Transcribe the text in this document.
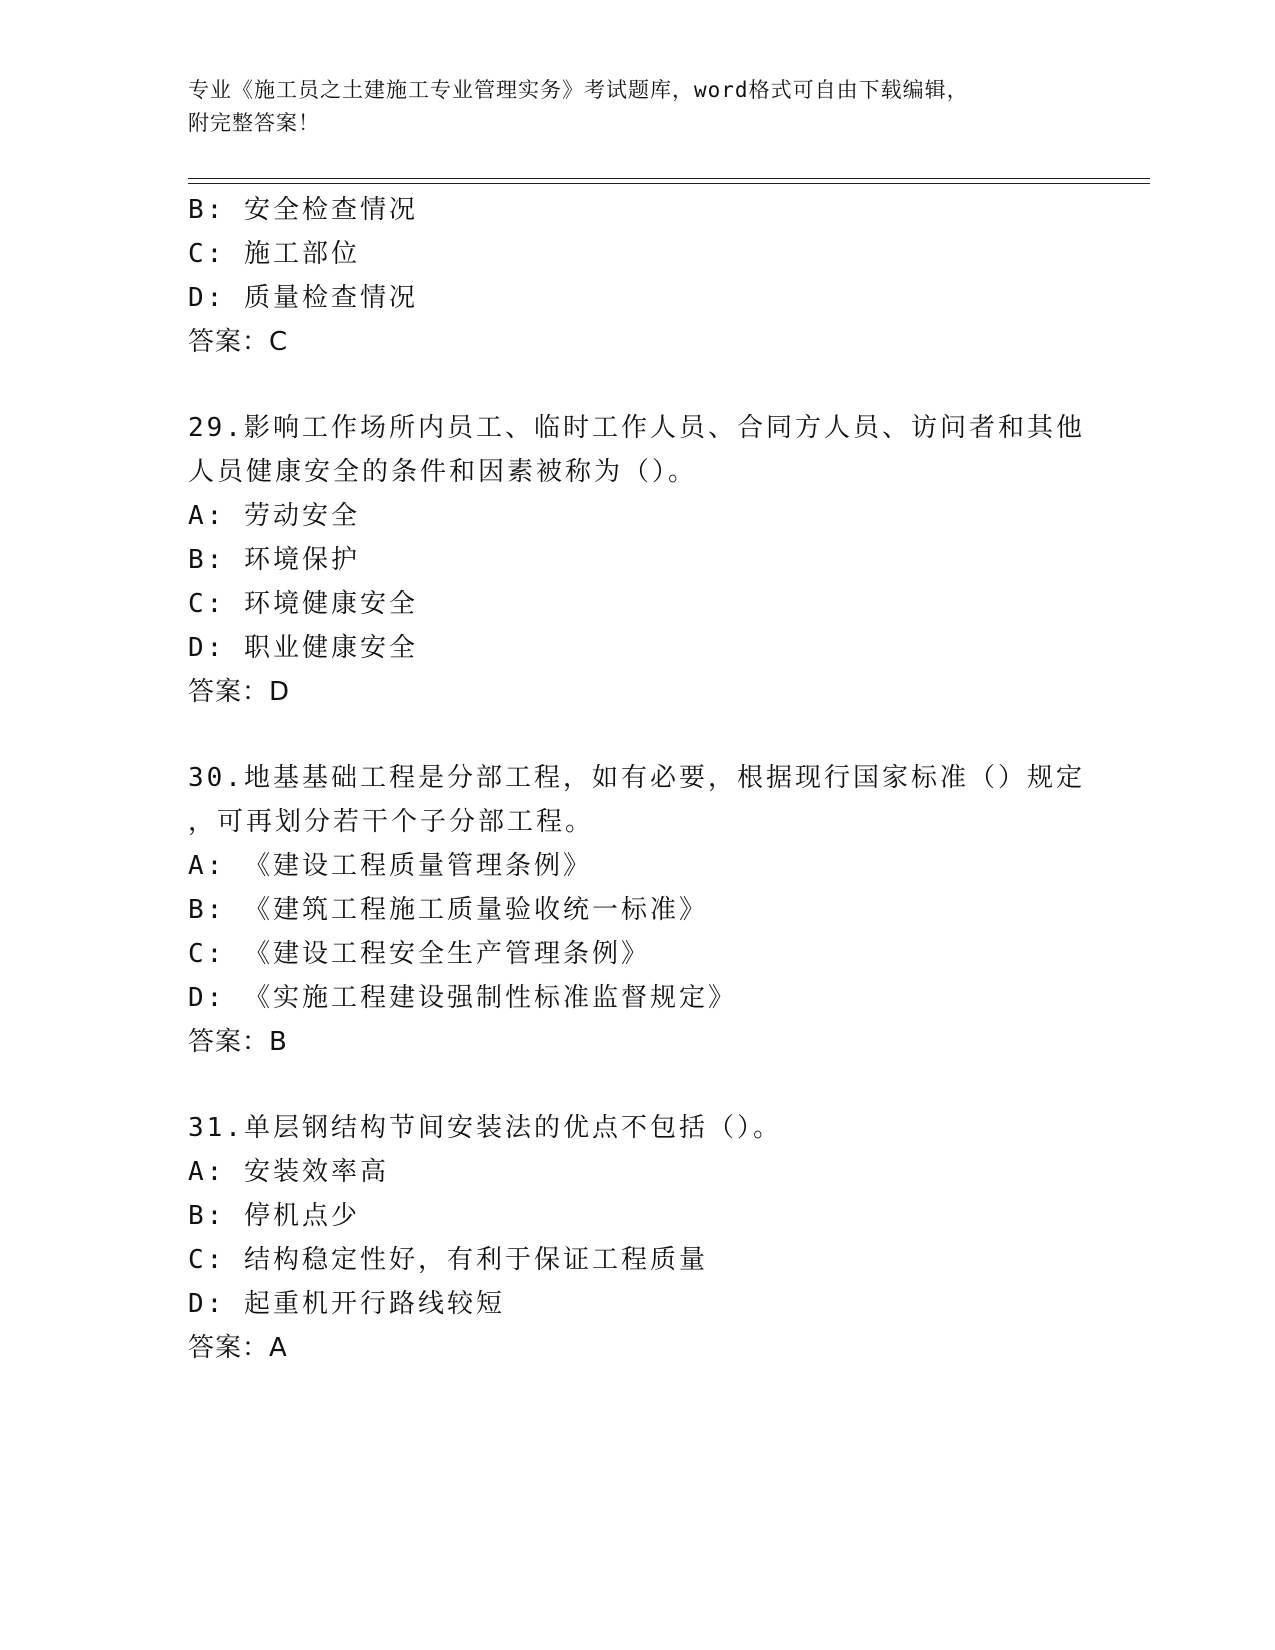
专业《施工员之土建施工专业管理实务》考试题库，word格式可自由下载编辑，
附完整答案！
B: 安全检查情况
C: 施工部位
D: 质量检查情况
答案：C
29.影响工作场所内员工、临时工作人员、合同方人员、访问者和其他
人员健康安全的条件和因素被称为（）。
A: 劳动安全
B: 环境保护
C: 环境健康安全
D: 职业健康安全
答案：D
30.地基基础工程是分部工程，如有必要，根据现行国家标准（）规定
，可再划分若干个子分部工程。
A: 《建设工程质量管理条例》
B: 《建筑工程施工质量验收统一标准》
C: 《建设工程安全生产管理条例》
D: 《实施工程建设强制性标准监督规定》
答案：B
31.单层钢结构节间安装法的优点不包括（）。
A: 安装效率高
B: 停机点少
C: 结构稳定性好，有利于保证工程质量
D: 起重机开行路线较短
答案：A
